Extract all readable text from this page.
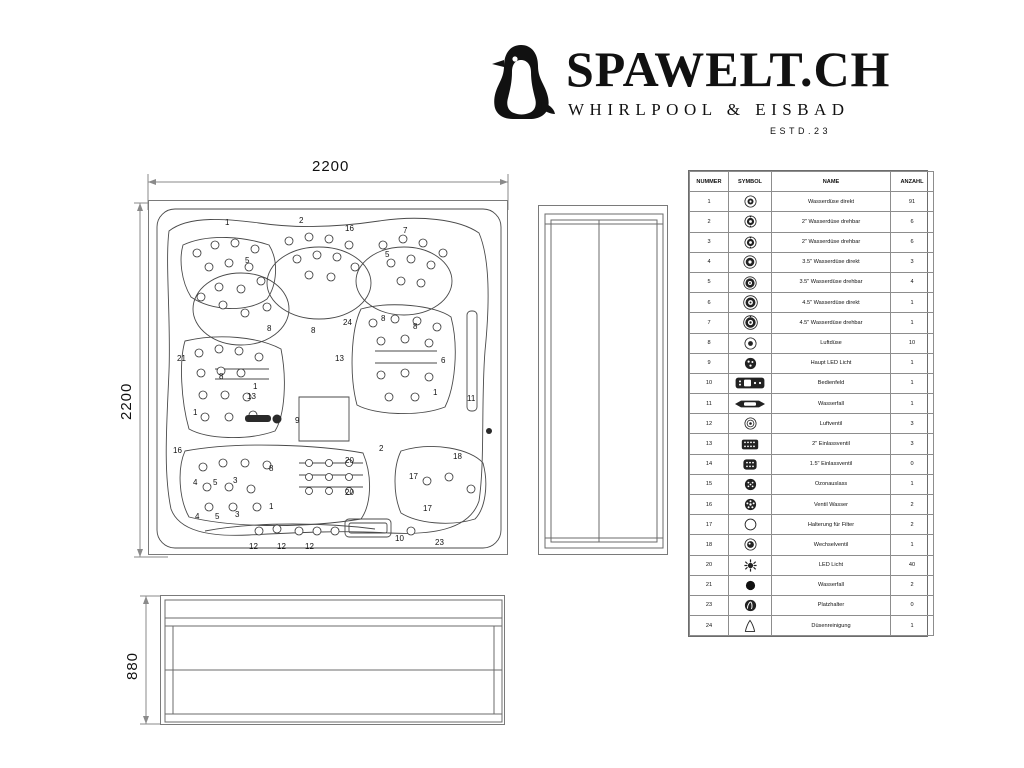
SPAWELT.CH
WHIRLPOOL & EISBAD
ESTD.23
2200
2200
880
1	2
16	7
5
5
8	8
24	8
8
13
21
1
8
13
1
9
11
16
20
2
4 5 3
8
20
4 5 3
1
12 12 12
10	23
17
17
18
1
6
NUMMER	SYMBOL	NAME	ANZAHL
1		Wasserdüse direkt	91
2		2" Wasserdüse drehbar	6
3		2" Wasserdüse drehbar	6
4		3.5" Wasserdüse direkt	3
5		3.5" Wasserdüse drehbar	4
6		4.5" Wasserdüse direkt	1
7		4.5" Wasserdüse drehbar	1
8		Luftdüse	10
9		Haupt LED Licht	1
10		Bedienfeld	1
11		Wasserfall	1
12		Luftventil	3
13		2" Einlassventil	3
14		1.5" Einlassventil	0
15		Ozonauslass	1
16		Ventil Wasser	2
17		Halterung für Filter	2
18		Wechselventil	1
20		LED Licht	40
21		Wasserfall	2
23		Platzhalter	0
24		Düsenreinigung	1
